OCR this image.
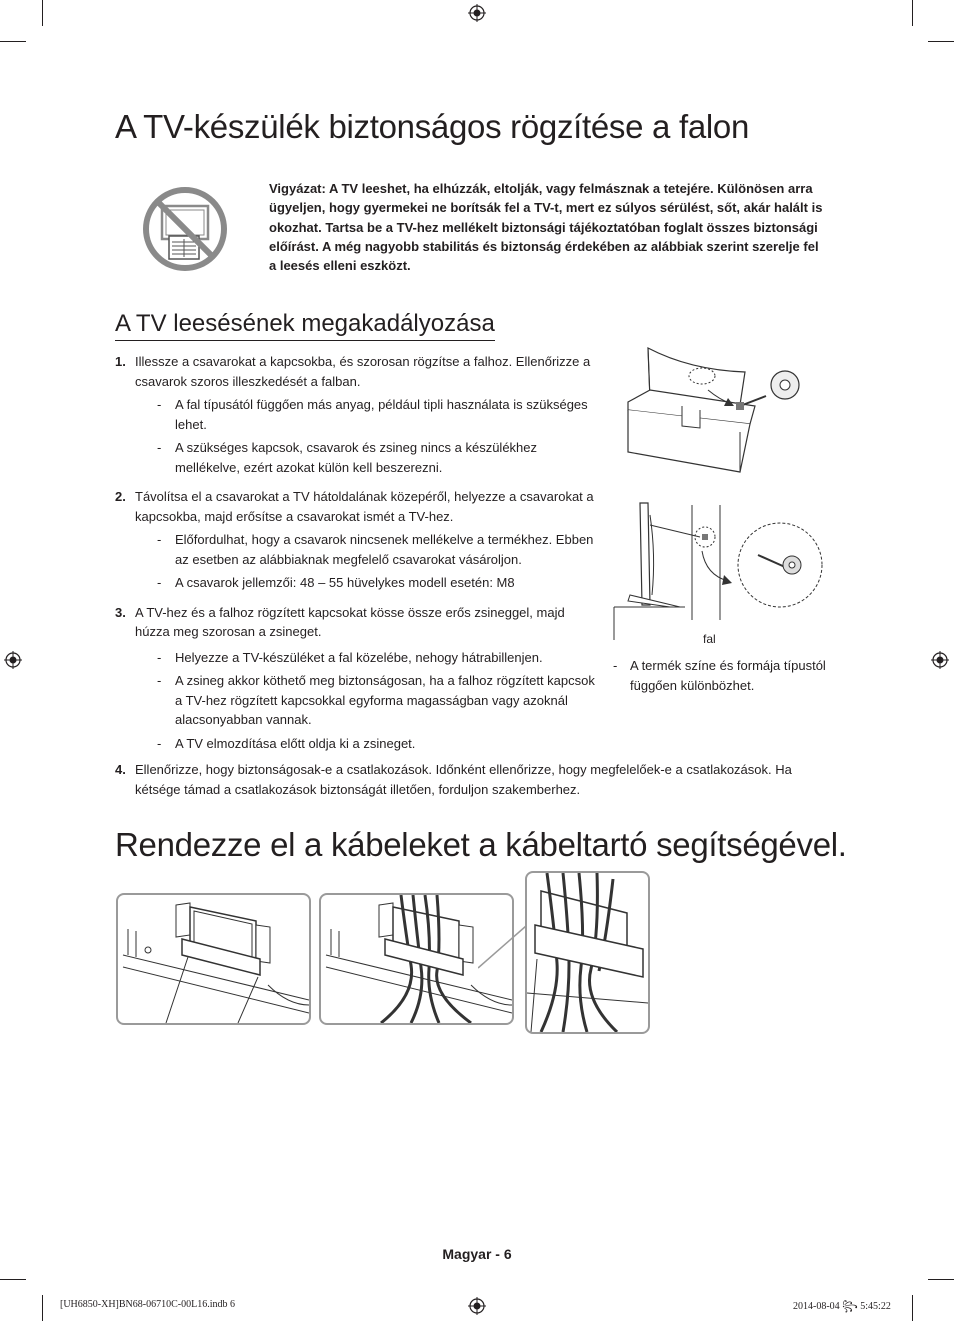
A TV-készülék biztonságos rögzítése a falon
Vigyázat: A TV leeshet, ha elhúzzák, eltolják, vagy felmásznak a tetejére. Különösen arra ügyeljen, hogy gyermekei ne borítsák fel a TV-t, mert ez súlyos sérülést, sőt, akár halált is okozhat. Tartsa be a TV-hez mellékelt biztonsági tájékoztatóban foglalt összes biztonsági előírást. A még nagyobb stabilitás és biztonság érdekében az alábbiak szerint szerelje fel a leesés elleni eszközt.
A TV leesésének megakadályozása
1. Illessze a csavarokat a kapcsokba, és szorosan rögzítse a falhoz. Ellenőrizze a csavarok szoros illeszkedését a falban.
- A fal típusától függően más anyag, például tipli használata is szükséges lehet.
- A szükséges kapcsok, csavarok és zsineg nincs a készülékhez mellékelve, ezért azokat külön kell beszerezni.
2. Távolítsa el a csavarokat a TV hátoldalának közepéről, helyezze a csavarokat a kapcsokba, majd erősítse a csavarokat ismét a TV-hez.
- Előfordulhat, hogy a csavarok nincsenek mellékelve a termékhez. Ebben az esetben az alábbiaknak megfelelő csavarokat vásároljon.
- A csavarok jellemzői: 48 – 55 hüvelykes modell esetén: M8
3. A TV-hez és a falhoz rögzített kapcsokat kösse össze erős zsineggel, majd húzza meg szorosan a zsineget.
- Helyezze a TV-készüléket a fal közelébe, nehogy hátrabillenjen.
- A zsineg akkor köthető meg biztonságosan, ha a falhoz rögzített kapcsok a TV-hez rögzített kapcsokkal egyforma magasságban vagy azoknál alacsonyabban vannak.
- A TV elmozdítása előtt oldja ki a zsineget.
4. Ellenőrizze, hogy biztonságosak-e a csatlakozások. Időnként ellenőrizze, hogy megfelelőek-e a csatlakozások. Ha kétsége támad a csatlakozások biztonságát illetően, forduljon szakemberhez.
fal
- A termék színe és formája típustól függően különbözhet.
Rendezze el a kábeleket a kábeltartó segítségével.
Magyar - 6
[UH6850-XH]BN68-06710C-00L16.indb 6	2014-08-04 ꧂ 5:45:22
